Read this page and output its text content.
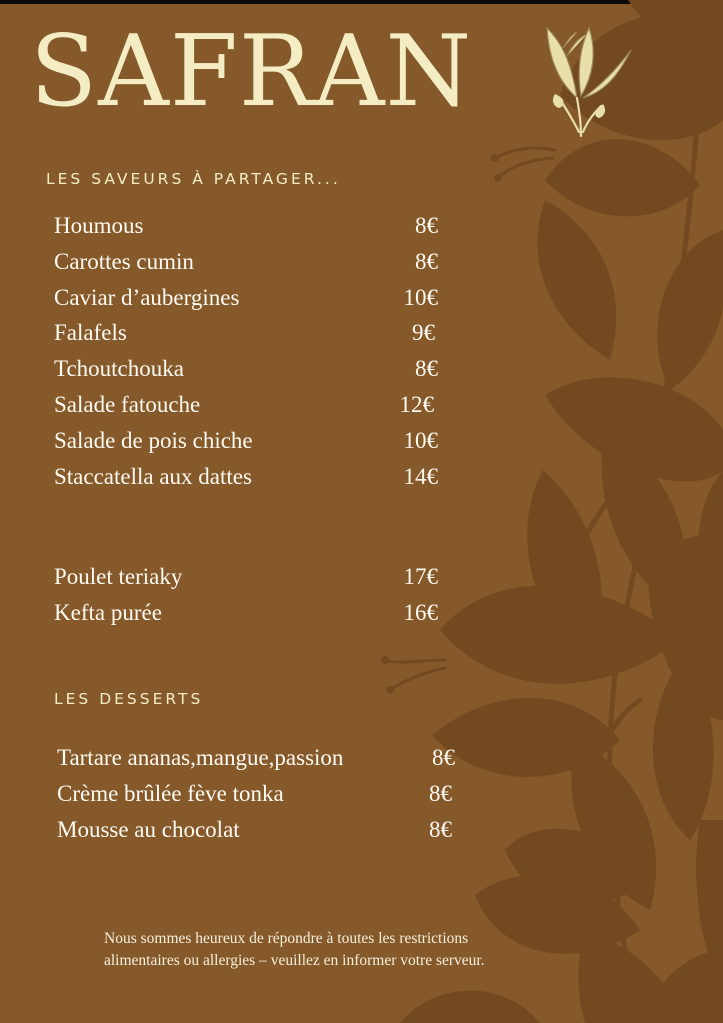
SAFRAN
LES SAVEURS À PARTAGER...
Houmous	8€
Carottes cumin	8€
Caviar d’aubergines	10€
Falafels	9€
Tchoutchouka	8€
Salade fatouche	12€
Salade de pois chiche	10€
Staccatella aux dattes	14€
Poulet teriaky	17€
Kefta purée	16€
LES DESSERTS
Tartare ananas,mangue,passion	8€
Crème brûlée fève tonka	8€
Mousse au chocolat	8€

Nous sommes heureux de répondre à toutes les restrictions
alimentaires ou allergies – veuillez en informer votre serveur.
